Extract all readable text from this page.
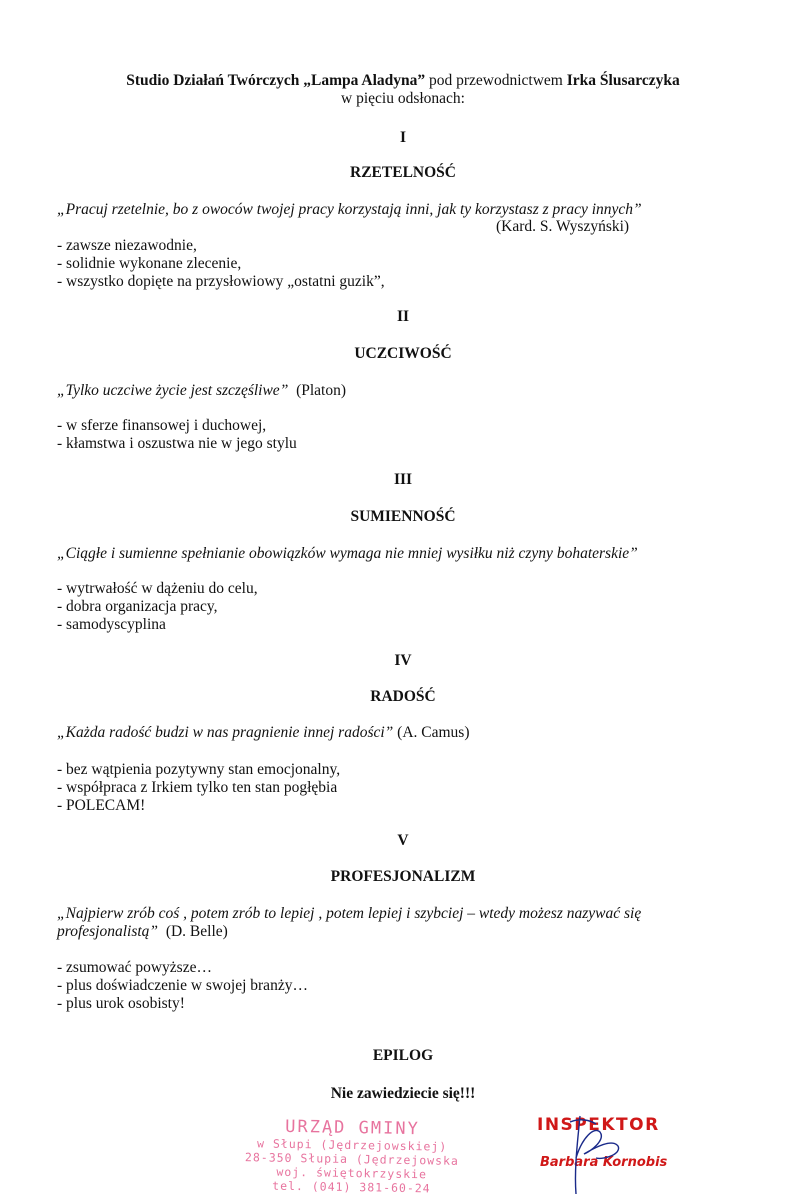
Studio Działań Twórczych „Lampa Aladyna” pod przewodnictwem Irka Ślusarczyka
w pięciu odsłonach:
I
RZETELNOŚĆ
„Pracuj rzetelnie, bo z owoców twojej pracy korzystają inni, jak ty korzystasz z pracy innych”
(Kard. S. Wyszyński)
- zawsze niezawodnie,
- solidnie wykonane zlecenie,
- wszystko dopięte na przysłowiowy „ostatni guzik”,
II
UCZCIWOŚĆ
„Tylko uczciwe życie jest szczęśliwe” (Platon)
- w sferze finansowej i duchowej,
- kłamstwa i oszustwa nie w jego stylu
III
SUMIENNOŚĆ
„Ciągłe i sumienne spełnianie obowiązków wymaga nie mniej wysiłku niż czyny bohaterskie”
- wytrwałość w dążeniu do celu,
- dobra organizacja pracy,
- samodyscyplina
IV
RADOŚĆ
„Każda radość budzi w nas pragnienie innej radości” (A. Camus)
- bez wątpienia pozytywny stan emocjonalny,
- współpraca z Irkiem tylko ten stan pogłębia
- POLECAM!
V
PROFESJONALIZM
„Najpierw zrób coś , potem zrób to lepiej , potem lepiej i szybciej – wtedy możesz nazywać się
profesjonalistą” (D. Belle)
- zsumować powyższe…
- plus doświadczenie w swojej branży…
- plus urok osobisty!
EPILOG
Nie zawiedziecie się!!!
URZĄD GMINY
w Słupi (Jędrzejowskiej)
28-350 Słupia (Jędrzejowska
woj. świętokrzyskie
tel. (041) 381-60-24
INSPEKTOR
Barbara Kornobis
